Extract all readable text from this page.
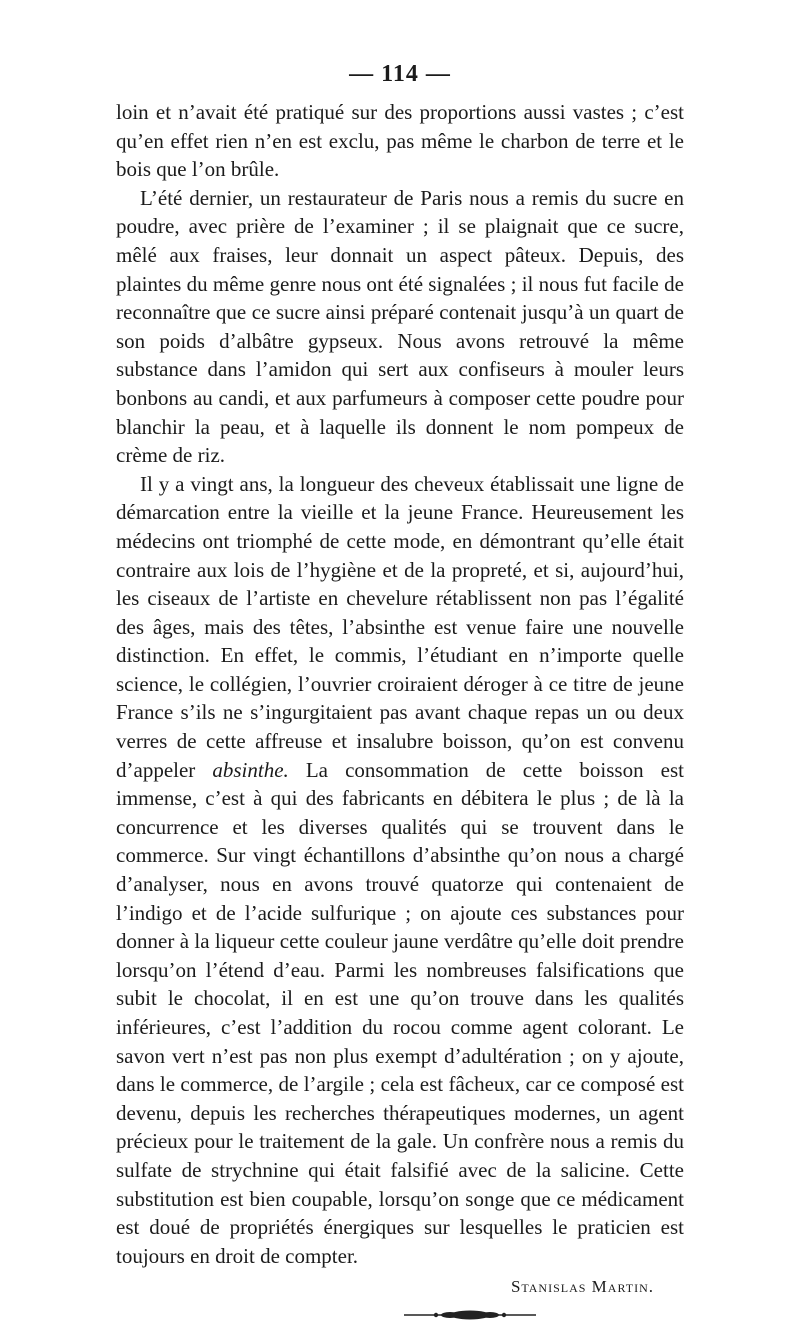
— 114 —

loin et n’avait été pratiqué sur des proportions aussi vastes ; c’est qu’en effet rien n’en est exclu, pas même le charbon de terre et le bois que l’on brûle.

L’été dernier, un restaurateur de Paris nous a remis du sucre en poudre, avec prière de l’examiner ; il se plaignait que ce sucre, mêlé aux fraises, leur donnait un aspect pâteux. Depuis, des plaintes du même genre nous ont été signalées ; il nous fut facile de reconnaître que ce sucre ainsi préparé contenait jusqu’à un quart de son poids d’albâtre gypseux. Nous avons retrouvé la même substance dans l’amidon qui sert aux confiseurs à mouler leurs bonbons au candi, et aux parfumeurs à composer cette poudre pour blanchir la peau, et à laquelle ils donnent le nom pompeux de crème de riz.

Il y a vingt ans, la longueur des cheveux établissait une ligne de démarcation entre la vieille et la jeune France. Heureusement les médecins ont triomphé de cette mode, en démontrant qu’elle était contraire aux lois de l’hygiène et de la propreté, et si, aujourd’hui, les ciseaux de l’artiste en chevelure rétablissent non pas l’égalité des âges, mais des têtes, l’absinthe est venue faire une nouvelle distinction. En effet, le commis, l’étudiant en n’importe quelle science, le collégien, l’ouvrier croiraient déroger à ce titre de jeune France s’ils ne s’ingurgitaient pas avant chaque repas un ou deux verres de cette affreuse et insalubre boisson, qu’on est convenu d’appeler absinthe. La consommation de cette boisson est immense, c’est à qui des fabricants en débitera le plus ; de là la concurrence et les diverses qualités qui se trouvent dans le commerce. Sur vingt échantillons d’absinthe qu’on nous a chargé d’analyser, nous en avons trouvé quatorze qui contenaient de l’indigo et de l’acide sulfurique ; on ajoute ces substances pour donner à la liqueur cette couleur jaune verdâtre qu’elle doit prendre lorsqu’on l’étend d’eau. Parmi les nombreuses falsifications que subit le chocolat, il en est une qu’on trouve dans les qualités inférieures, c’est l’addition du rocou comme agent colorant. Le savon vert n’est pas non plus exempt d’adultération ; on y ajoute, dans le commerce, de l’argile ; cela est fâcheux, car ce composé est devenu, depuis les recherches thérapeutiques modernes, un agent précieux pour le traitement de la gale. Un confrère nous a remis du sulfate de strychnine qui était falsifié avec de la salicine. Cette substitution est bien coupable, lorsqu’on songe que ce médicament est doué de propriétés énergiques sur lesquelles le praticien est toujours en droit de compter.

Stanislas Martin.
